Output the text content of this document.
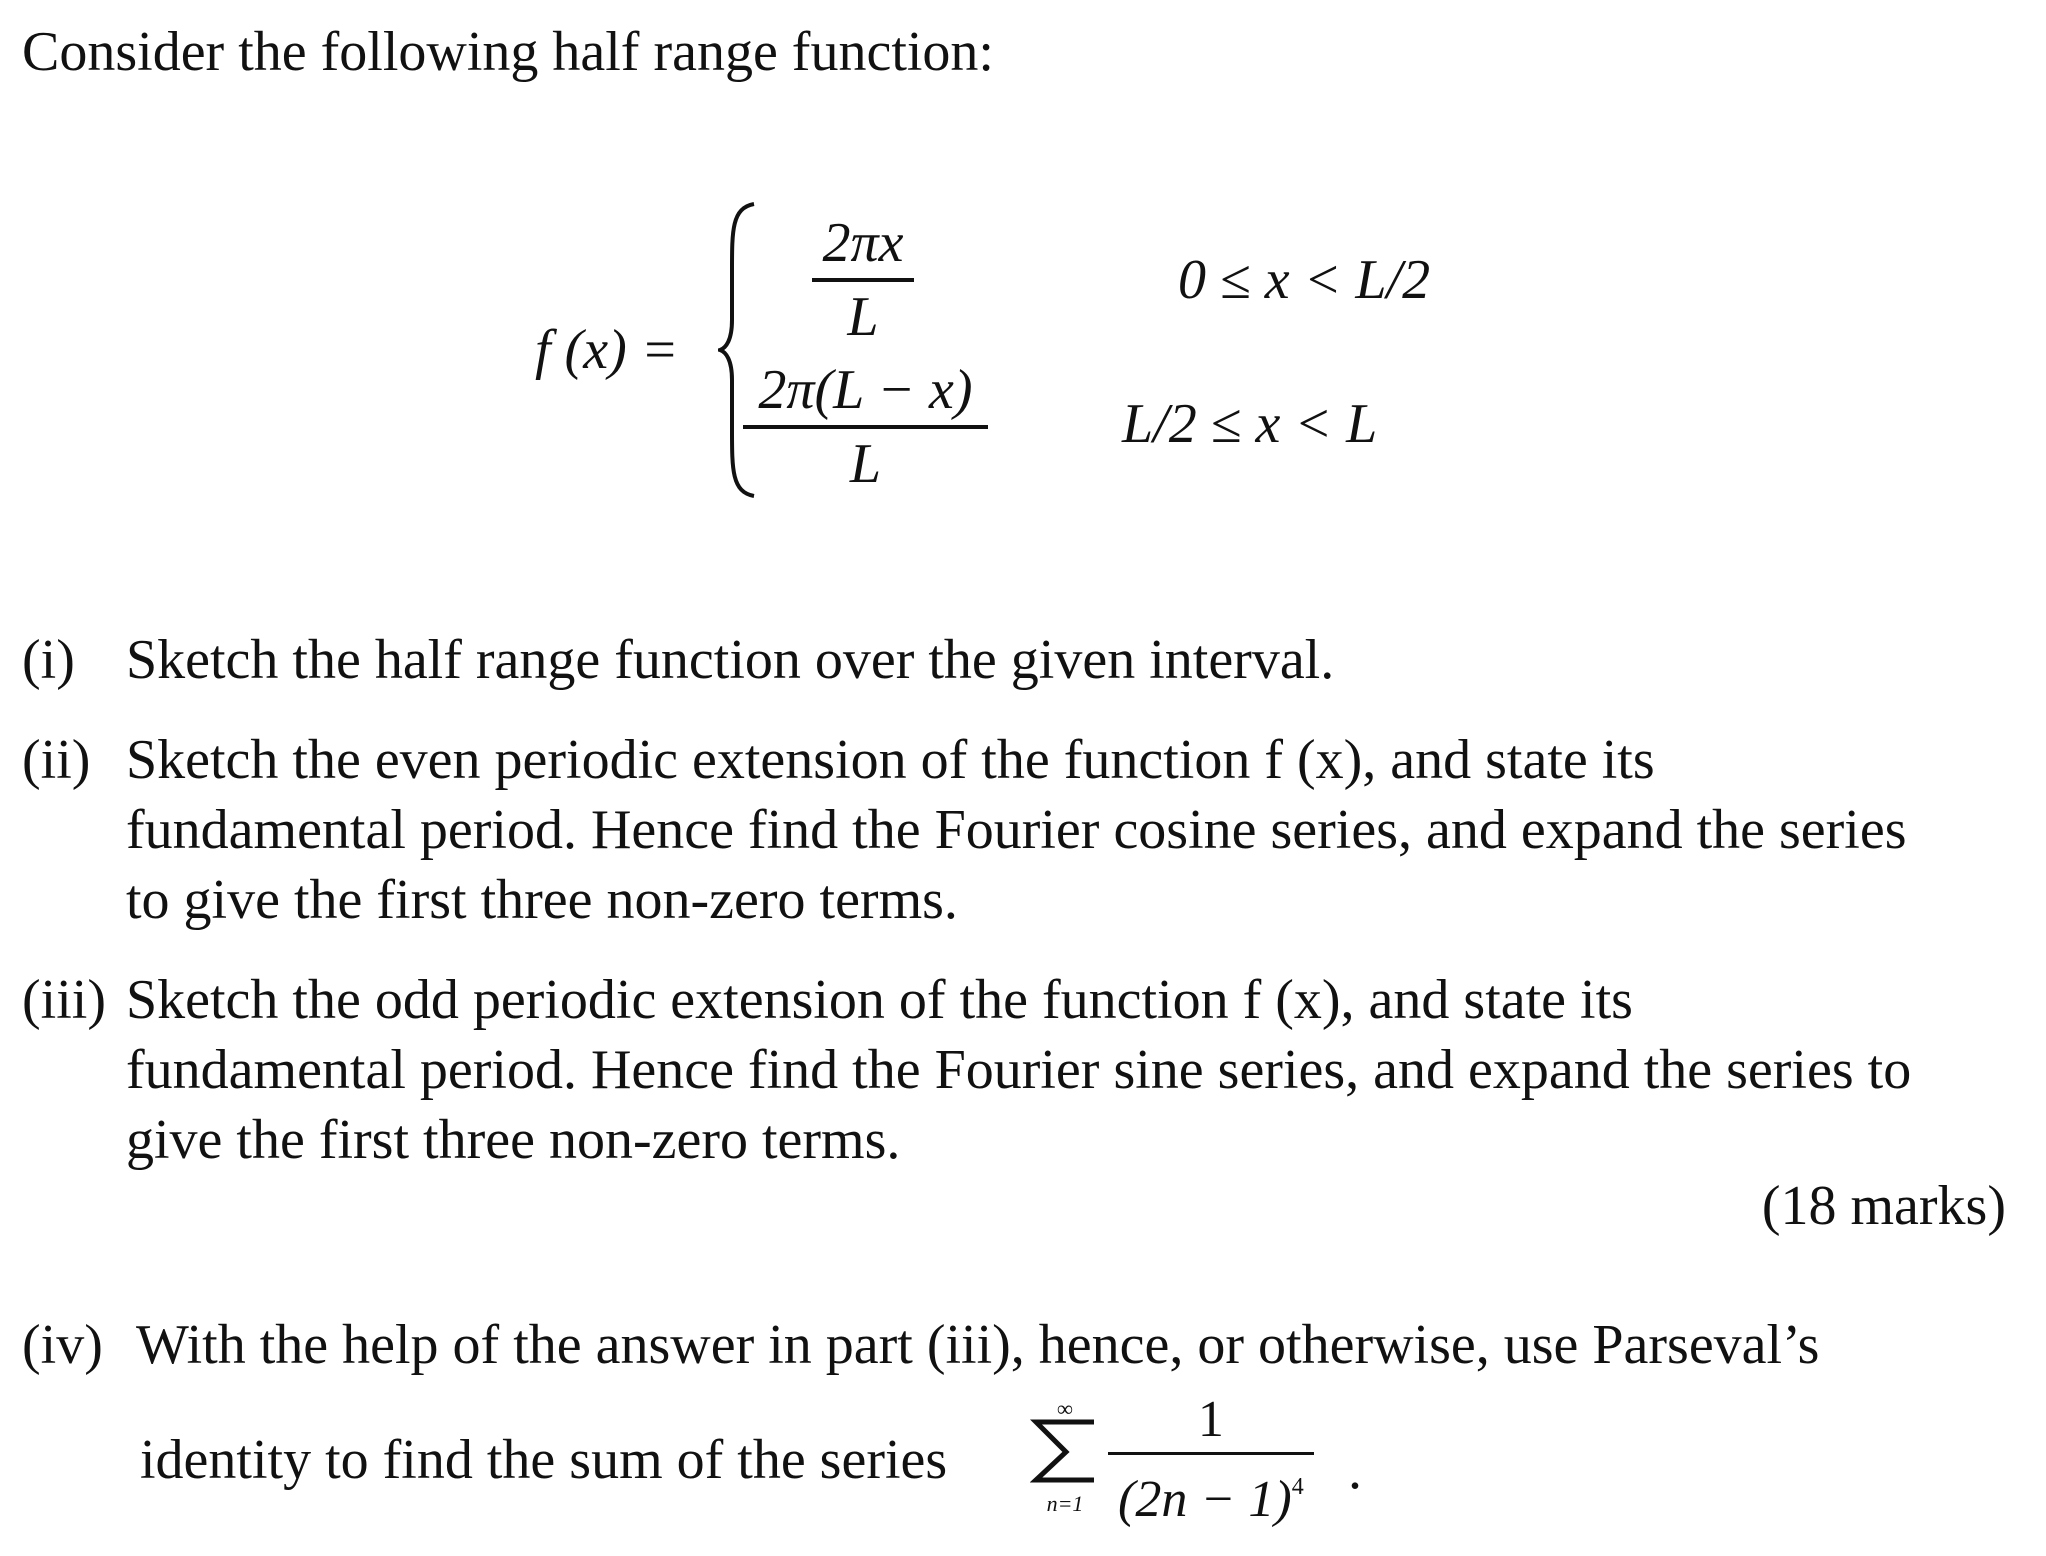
Consider the following half range function:
f $(x) = \frac{2\pi x}{L}$	0 ≤ x < L/2
$\frac{2\pi(L - x)}{L} L/2 \le x < L$
(i) Sketch the half range function over the given interval.
(ii) Sketch the even periodic extension of the function f (x), and state its
fundamental period. Hence find the Fourier cosine series, and expand the series
to give the first three non-zero terms.
(iii) Sketch the odd periodic extension of the function f (x), and state its
fundamental period. Hence find the Fourier sine series, and expand the series to
give the first three non-zero terms.
(18 marks)
(iv) With the help of the answer in part (iii), hence, or otherwise, use Parseval’s
identity to find the sum of the series
∞
$n=1 \frac{1}{(2n - 1)^4}$ .
